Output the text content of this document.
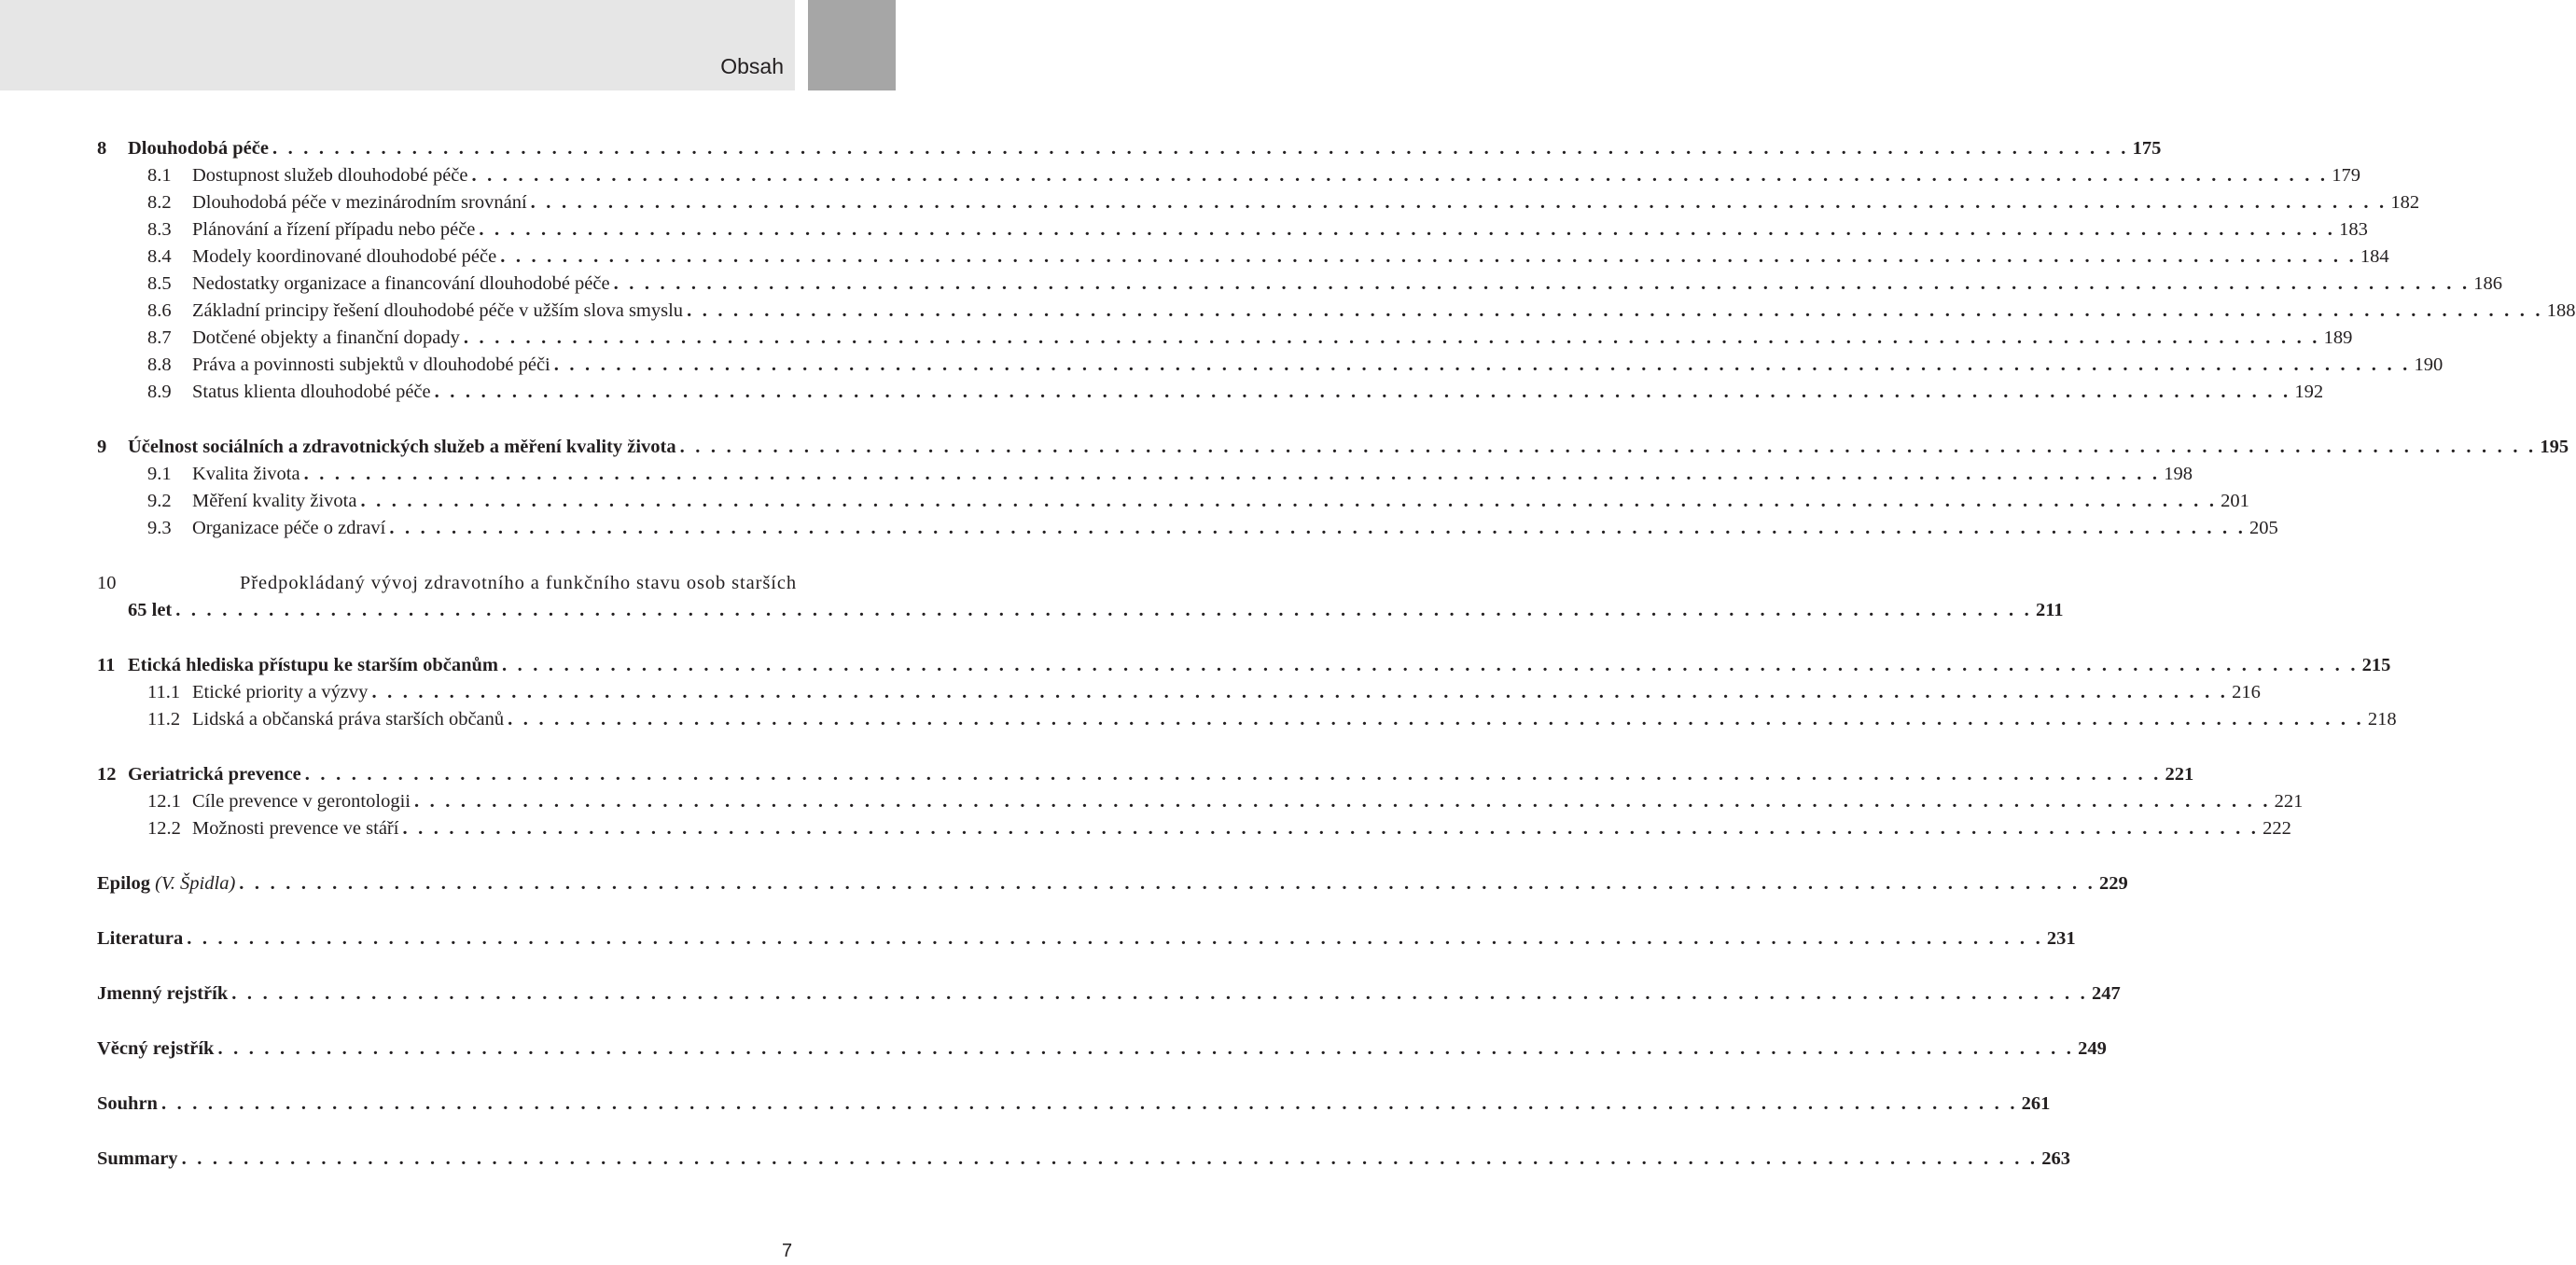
Obsah
8	Dlouhodobá péče . . . . . . . . . . . . . . . . . . . . . . . . . . . . . . . . . . . . . . . . . . . . . . . . . . . . . . . . . . . . . . . . . . . . . . . . . . . . . . . . . . . . . . . . . . . . . . . . . . . . . . . . . . . . . . . . . . . . . . . . 175
8.1	Dostupnost služeb dlouhodobé péče . . . . . . . . . . . . . . . . . . . . . . . . . . . . . . . . . . . . . . . . . . . . . . . . . . . . . . . . . . . . . . . . . . . . . . . . . . . . . . . . . . . . . . . . . . . . . . . . . . . . . . . . . . . . . . . . . . . . . . . . 179
8.2	Dlouhodobá péče v mezinárodním srovnání . . . . . . . . . . . . . . . . . . . . . . . . . . . . . . . . . . . . . . . . . . . . . . . . . . . . . . . . . . . . . . . . . . . . . . . . . . . . . . . . . . . . . . . . . . . . . . . . . . . . . . . . . . . . . . . . . . . . . . . . 182
8.3	Plánování a řízení případu nebo péče . . . . . . . . . . . . . . . . . . . . . . . . . . . . . . . . . . . . . . . . . . . . . . . . . . . . . . . . . . . . . . . . . . . . . . . . . . . . . . . . . . . . . . . . . . . . . . . . . . . . . . . . . . . . . . . . . . . . . . . . 183
8.4	Modely koordinované dlouhodobé péče . . . . . . . . . . . . . . . . . . . . . . . . . . . . . . . . . . . . . . . . . . . . . . . . . . . . . . . . . . . . . . . . . . . . . . . . . . . . . . . . . . . . . . . . . . . . . . . . . . . . . . . . . . . . . . . . . . . . . . . . 184
8.5	Nedostatky organizace a financování dlouhodobé péče . . . . . . . . . . . . . . . . . . . . . . . . . . . . . . . . . . . . . . . . . . . . . . . . . . . . . . . . . . . . . . . . . . . . . . . . . . . . . . . . . . . . . . . . . . . . . . . . . . . . . . . . . . . . . . . . . . . . . . . . 186
8.6	Základní principy řešení dlouhodobé péče v užším slova smyslu . . . . . . . . . . . . . . . . . . . . . . . . . . . . . . . . . . . . . . . . . . . . . . . . . . . . . . . . . . . . . . . . . . . . . . . . . . . . . . . . . . . . . . . . . . . . . . . . . . . . . . . . . . . . . . . . . . . . . . . . 188
8.7	Dotčené objekty a finanční dopady . . . . . . . . . . . . . . . . . . . . . . . . . . . . . . . . . . . . . . . . . . . . . . . . . . . . . . . . . . . . . . . . . . . . . . . . . . . . . . . . . . . . . . . . . . . . . . . . . . . . . . . . . . . . . . . . . . . . . . . . 189
8.8	Práva a povinnosti subjektů v dlouhodobé péči . . . . . . . . . . . . . . . . . . . . . . . . . . . . . . . . . . . . . . . . . . . . . . . . . . . . . . . . . . . . . . . . . . . . . . . . . . . . . . . . . . . . . . . . . . . . . . . . . . . . . . . . . . . . . . . . . . . . . . . . 190
8.9	Status klienta dlouhodobé péče . . . . . . . . . . . . . . . . . . . . . . . . . . . . . . . . . . . . . . . . . . . . . . . . . . . . . . . . . . . . . . . . . . . . . . . . . . . . . . . . . . . . . . . . . . . . . . . . . . . . . . . . . . . . . . . . . . . . . . . . 192
9	Účelnost sociálních a zdravotnických služeb a měření kvality života . . . . . . . . . . . . . . . . . . . . . . . . . . . . . . . . . . . . . . . . . . . . . . . . . . . . . . . . . . . . . . . . . . . . . . . . . . . . . . . . . . . . . . . . . . . . . . . . . . . . . . . . . . . . . . . . . . . . . . . . 195
9.1	Kvalita života . . . . . . . . . . . . . . . . . . . . . . . . . . . . . . . . . . . . . . . . . . . . . . . . . . . . . . . . . . . . . . . . . . . . . . . . . . . . . . . . . . . . . . . . . . . . . . . . . . . . . . . . . . . . . . . . . . . . . . . . 198
9.2	Měření kvality života . . . . . . . . . . . . . . . . . . . . . . . . . . . . . . . . . . . . . . . . . . . . . . . . . . . . . . . . . . . . . . . . . . . . . . . . . . . . . . . . . . . . . . . . . . . . . . . . . . . . . . . . . . . . . . . . . . . . . . . . 201
9.3	Organizace péče o zdraví . . . . . . . . . . . . . . . . . . . . . . . . . . . . . . . . . . . . . . . . . . . . . . . . . . . . . . . . . . . . . . . . . . . . . . . . . . . . . . . . . . . . . . . . . . . . . . . . . . . . . . . . . . . . . . . . . . . . . . . . 205
10	Předpokládaný vývoj zdravotního a funkčního stavu osob starších
65 let . . . . . . . . . . . . . . . . . . . . . . . . . . . . . . . . . . . . . . . . . . . . . . . . . . . . . . . . . . . . . . . . . . . . . . . . . . . . . . . . . . . . . . . . . . . . . . . . . . . . . . . . . . . . . . . . . . . . . . . . 211
11 Etická hlediska přístupu ke starším občanům . . . . . . . . . . . . . . . . . . . . . . . . . . . . . . . . . . . . . . . . . . . . . . . . . . . . . . . . . . . . . . . . . . . . . . . . . . . . . . . . . . . . . . . . . . . . . . . . . . . . . . . . . . . . . . . . . . . . . . . . 215
11.1 Etické priority a výzvy . . . . . . . . . . . . . . . . . . . . . . . . . . . . . . . . . . . . . . . . . . . . . . . . . . . . . . . . . . . . . . . . . . . . . . . . . . . . . . . . . . . . . . . . . . . . . . . . . . . . . . . . . . . . . . . . . . . . . . . . 216
11.2 Lidská a občanská práva starších občanů . . . . . . . . . . . . . . . . . . . . . . . . . . . . . . . . . . . . . . . . . . . . . . . . . . . . . . . . . . . . . . . . . . . . . . . . . . . . . . . . . . . . . . . . . . . . . . . . . . . . . . . . . . . . . . . . . . . . . . . . 218
12 Geriatrická prevence . . . . . . . . . . . . . . . . . . . . . . . . . . . . . . . . . . . . . . . . . . . . . . . . . . . . . . . . . . . . . . . . . . . . . . . . . . . . . . . . . . . . . . . . . . . . . . . . . . . . . . . . . . . . . . . . . . . . . . . . 221
12.1 Cíle prevence v gerontologii . . . . . . . . . . . . . . . . . . . . . . . . . . . . . . . . . . . . . . . . . . . . . . . . . . . . . . . . . . . . . . . . . . . . . . . . . . . . . . . . . . . . . . . . . . . . . . . . . . . . . . . . . . . . . . . . . . . . . . . . 221
12.2 Možnosti prevence ve stáří . . . . . . . . . . . . . . . . . . . . . . . . . . . . . . . . . . . . . . . . . . . . . . . . . . . . . . . . . . . . . . . . . . . . . . . . . . . . . . . . . . . . . . . . . . . . . . . . . . . . . . . . . . . . . . . . . . . . . . . . 222
Epilog (V. Špidla) . . . . . . . . . . . . . . . . . . . . . . . . . . . . . . . . . . . . . . . . . . . . . . . . . . . . . . . . . . . . . . . . . . . . . . . . . . . . . . . . . . . . . . . . . . . . . . . . . . . . . . . . . . . . . . . . . . . . . . . . 229
Literatura . . . . . . . . . . . . . . . . . . . . . . . . . . . . . . . . . . . . . . . . . . . . . . . . . . . . . . . . . . . . . . . . . . . . . . . . . . . . . . . . . . . . . . . . . . . . . . . . . . . . . . . . . . . . . . . . . . . . . . . . 231
Jmenný rejstřík . . . . . . . . . . . . . . . . . . . . . . . . . . . . . . . . . . . . . . . . . . . . . . . . . . . . . . . . . . . . . . . . . . . . . . . . . . . . . . . . . . . . . . . . . . . . . . . . . . . . . . . . . . . . . . . . . . . . . . . . 247
Věcný rejstřík . . . . . . . . . . . . . . . . . . . . . . . . . . . . . . . . . . . . . . . . . . . . . . . . . . . . . . . . . . . . . . . . . . . . . . . . . . . . . . . . . . . . . . . . . . . . . . . . . . . . . . . . . . . . . . . . . . . . . . . . 249
Souhrn . . . . . . . . . . . . . . . . . . . . . . . . . . . . . . . . . . . . . . . . . . . . . . . . . . . . . . . . . . . . . . . . . . . . . . . . . . . . . . . . . . . . . . . . . . . . . . . . . . . . . . . . . . . . . . . . . . . . . . . . 261
Summary . . . . . . . . . . . . . . . . . . . . . . . . . . . . . . . . . . . . . . . . . . . . . . . . . . . . . . . . . . . . . . . . . . . . . . . . . . . . . . . . . . . . . . . . . . . . . . . . . . . . . . . . . . . . . . . . . . . . . . . . 263
7
